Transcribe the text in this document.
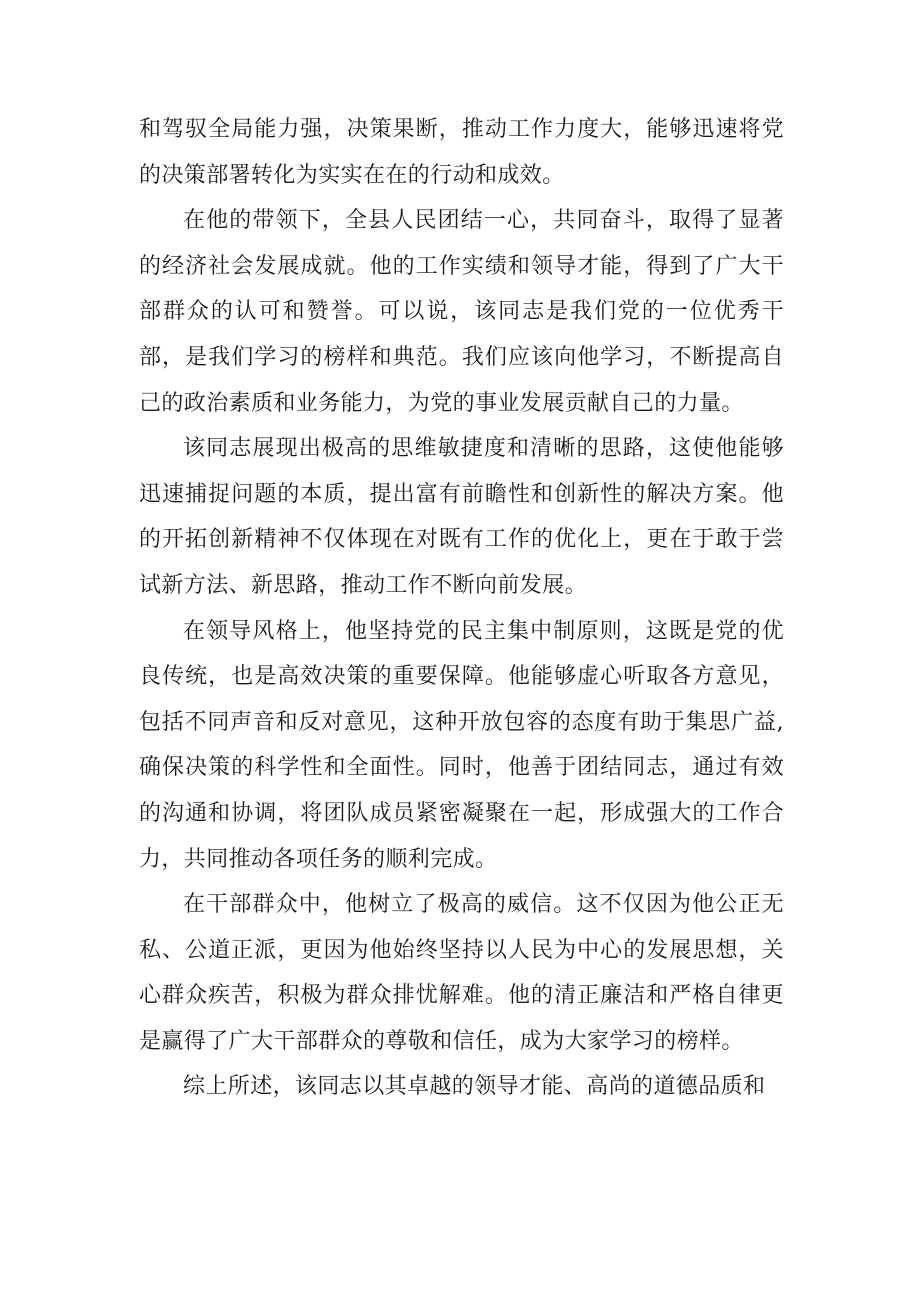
和驾驭全局能力强，决策果断，推动工作力度大，能够迅速将党的决策部署转化为实实在在的行动和成效。

在他的带领下，全县人民团结一心，共同奋斗，取得了显著的经济社会发展成就。他的工作实绩和领导才能，得到了广大干部群众的认可和赞誉。可以说，该同志是我们党的一位优秀干部，是我们学习的榜样和典范。我们应该向他学习，不断提高自己的政治素质和业务能力，为党的事业发展贡献自己的力量。

该同志展现出极高的思维敏捷度和清晰的思路，这使他能够迅速捕捉问题的本质，提出富有前瞻性和创新性的解决方案。他的开拓创新精神不仅体现在对既有工作的优化上，更在于敢于尝试新方法、新思路，推动工作不断向前发展。

在领导风格上，他坚持党的民主集中制原则，这既是党的优良传统，也是高效决策的重要保障。他能够虚心听取各方意见，包括不同声音和反对意见，这种开放包容的态度有助于集思广益,确保决策的科学性和全面性。同时，他善于团结同志，通过有效的沟通和协调，将团队成员紧密凝聚在一起，形成强大的工作合力，共同推动各项任务的顺利完成。

在干部群众中，他树立了极高的威信。这不仅因为他公正无私、公道正派，更因为他始终坚持以人民为中心的发展思想，关心群众疾苦，积极为群众排忧解难。他的清正廉洁和严格自律更是赢得了广大干部群众的尊敬和信任，成为大家学习的榜样。

综上所述，该同志以其卓越的领导才能、高尚的道德品质和
